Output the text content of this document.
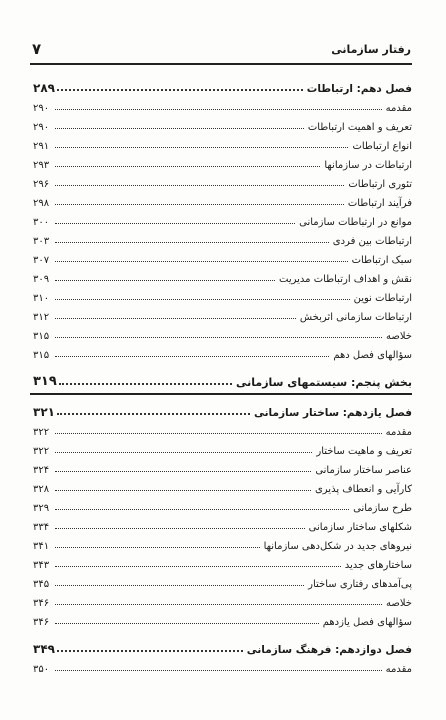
رفتار سازمانی
۷
فصل دهم: ارتباطات
۲۸۹
مقدمه
۲۹۰
تعریف و اهمیت ارتباطات
۲۹۰
انواع ارتباطات
۲۹۱
ارتباطات در سازمانها
۲۹۳
تئوری ارتباطات
۲۹۶
فرآیند ارتباطات
۲۹۸
موانع در ارتباطات سازمانی
۳۰۰
ارتباطات بین فردی
۳۰۳
سبک ارتباطات
۳۰۷
نقش و اهداف ارتباطات مدیریت
۳۰۹
ارتباطات نوین
۳۱۰
ارتباطات سازمانی اثربخش
۳۱۲
خلاصه
۳۱۵
سؤالهای فصل دهم
۳۱۵
بخش پنجم: سیستمهای سازمانی
۳۱۹
فصل یازدهم: ساختار سازمانی
۳۲۱
مقدمه
۳۲۲
تعریف و ماهیت ساختار
۳۲۲
عناصر ساختار سازمانی
۳۲۴
کارآیی و انعطاف پذیری
۳۲۸
طرح سازمانی
۳۲۹
شکلهای ساختار سازمانی
۳۳۴
نیروهای جدید در شکل‌دهی سازمانها
۳۴۱
ساختارهای جدید
۳۴۳
پی‌آمدهای رفتاری ساختار
۳۴۵
خلاصه
۳۴۶
سؤالهای فصل یازدهم
۳۴۶
فصل دوازدهم: فرهنگ سازمانی
۳۴۹
مقدمه
۳۵۰
